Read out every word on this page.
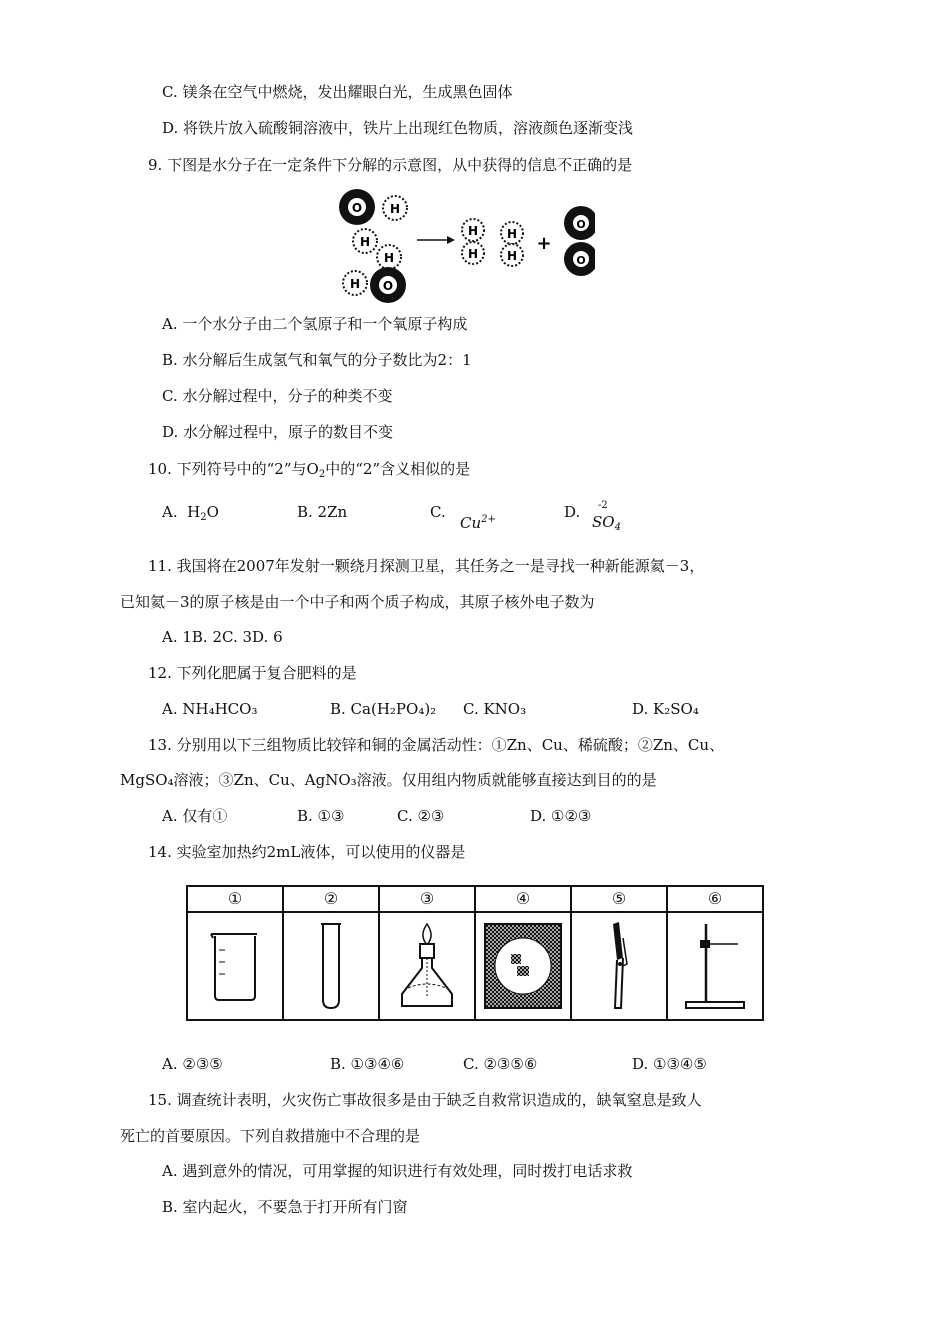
C. 镁条在空气中燃烧，发出耀眼白光，生成黑色固体
D. 将铁片放入硫酸铜溶液中，铁片上出现红色物质，溶液颜色逐渐变浅
9. 下图是水分子在一定条件下分解的示意图，从中获得的信息不正确的是
O H
H
H
H O
H
H
H
H
+
O
O
A. 一个水分子由二个氢原子和一个氧原子构成
B. 水分解后生成氢气和氧气的分子数比为2：1
C. 水分解过程中，分子的种类不变
D. 水分解过程中，原子的数目不变
10. 下列符号中的“2”与$O_2$中的“2”含义相似的是
A. $H_2O$	B. 2Zn	C.
$Cu^{2+}$	D. -2
$SO_4$
11. 我国将在2007年发射一颗绕月探测卫星，其任务之一是寻找一种新能源氦－3，
已知氦－3的原子核是由一个中子和两个质子构成，其原子核外电子数为
A. 1B. 2C. 3D. 6
12. 下列化肥属于复合肥料的是
A. NH₄HCO₃	B. Ca(H₂PO₄)₂ C. KNO₃	D. K₂SO₄
13. 分别用以下三组物质比较锌和铜的金属活动性：①Zn、Cu、稀硫酸；②Zn、Cu、
MgSO₄溶液；③Zn、Cu、AgNO₃溶液。仅用组内物质就能够直接达到目的的是
A. 仅有①	B. ①③	C. ②③	D. ①②③
14. 实验室加热约2mL液体，可以使用的仪器是
①	②	③	④	⑤	⑥
A. ②③⑤	B. ①③④⑥	C. ②③⑤⑥	D. ①③④⑤
15. 调查统计表明，火灾伤亡事故很多是由于缺乏自救常识造成的，缺氧窒息是致人
死亡的首要原因。下列自救措施中不合理的是
A. 遇到意外的情况，可用掌握的知识进行有效处理，同时拨打电话求救
B. 室内起火，不要急于打开所有门窗
